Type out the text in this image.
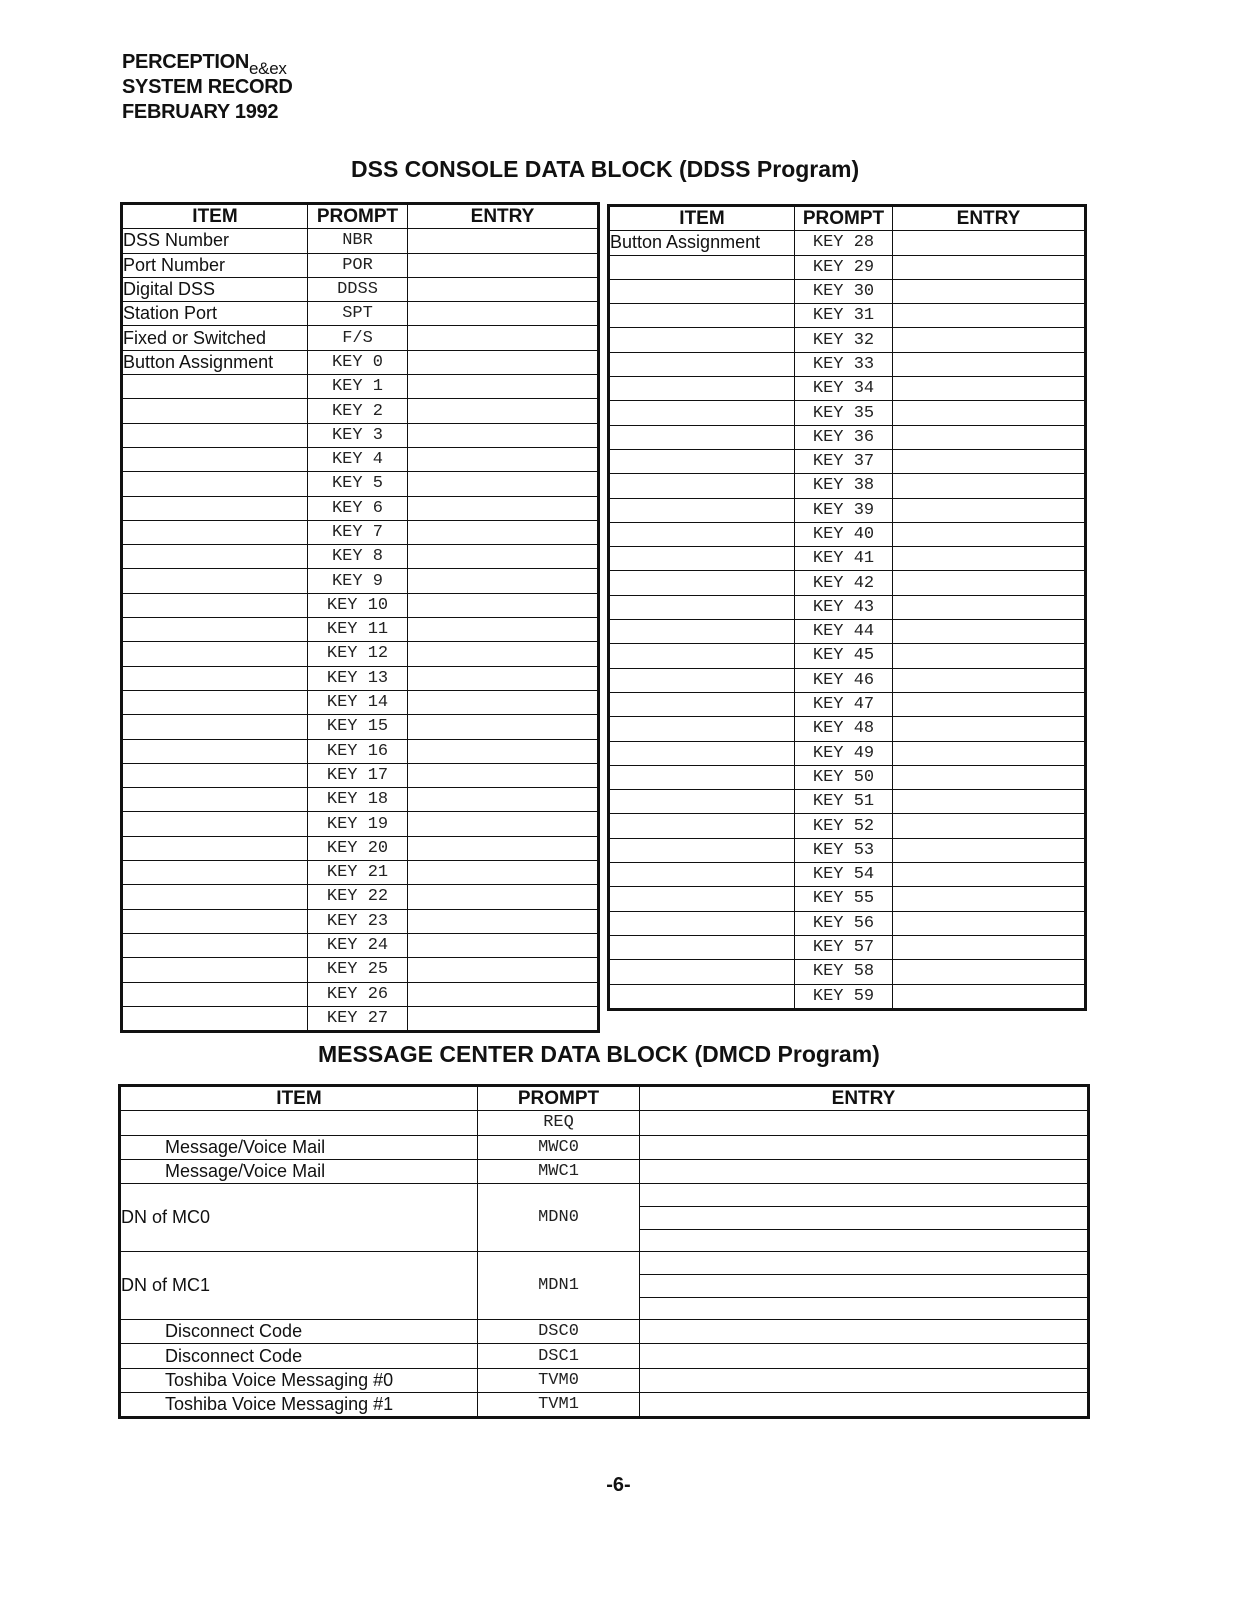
$PERCEPTION_{e\&ex}$
SYSTEM RECORD
FEBRUARY 1992
DSS CONSOLE DATA BLOCK (DDSS Program)
ITEM	PROMPT	ENTRY
DSS Number	NBR	
Port Number	POR	
Digital DSS	DDSS	
Station Port	SPT	
Fixed or Switched	F/S	
Button Assignment	KEY 0	
	KEY 1	
	KEY 2	
	KEY 3	
	KEY 4	
	KEY 5	
	KEY 6	
	KEY 7	
	KEY 8	
	KEY 9	
	KEY 10	
	KEY 11	
	KEY 12	
	KEY 13	
	KEY 14	
	KEY 15	
	KEY 16	
	KEY 17	
	KEY 18	
	KEY 19	
	KEY 20	
	KEY 21	
	KEY 22	
	KEY 23	
	KEY 24	
	KEY 25	
	KEY 26	
	KEY 27	
ITEM	PROMPT	ENTRY
Button Assignment	KEY 28	
	KEY 29	
	KEY 30	
	KEY 31	
	KEY 32	
	KEY 33	
	KEY 34	
	KEY 35	
	KEY 36	
	KEY 37	
	KEY 38	
	KEY 39	
	KEY 40	
	KEY 41	
	KEY 42	
	KEY 43	
	KEY 44	
	KEY 45	
	KEY 46	
	KEY 47	
	KEY 48	
	KEY 49	
	KEY 50	
	KEY 51	
	KEY 52	
	KEY 53	
	KEY 54	
	KEY 55	
	KEY 56	
	KEY 57	
	KEY 58	
	KEY 59	
MESSAGE CENTER DATA BLOCK (DMCD Program)
ITEM	PROMPT	ENTRY
	REQ	
Message/Voice Mail	MWC0	
Message/Voice Mail	MWC1	
DN of MC0	MDN0	

DN of MC1	MDN1	

Disconnect Code	DSC0	
Disconnect Code	DSC1	
Toshiba Voice Messaging #0	TVM0	
Toshiba Voice Messaging #1	TVM1	
-6-
